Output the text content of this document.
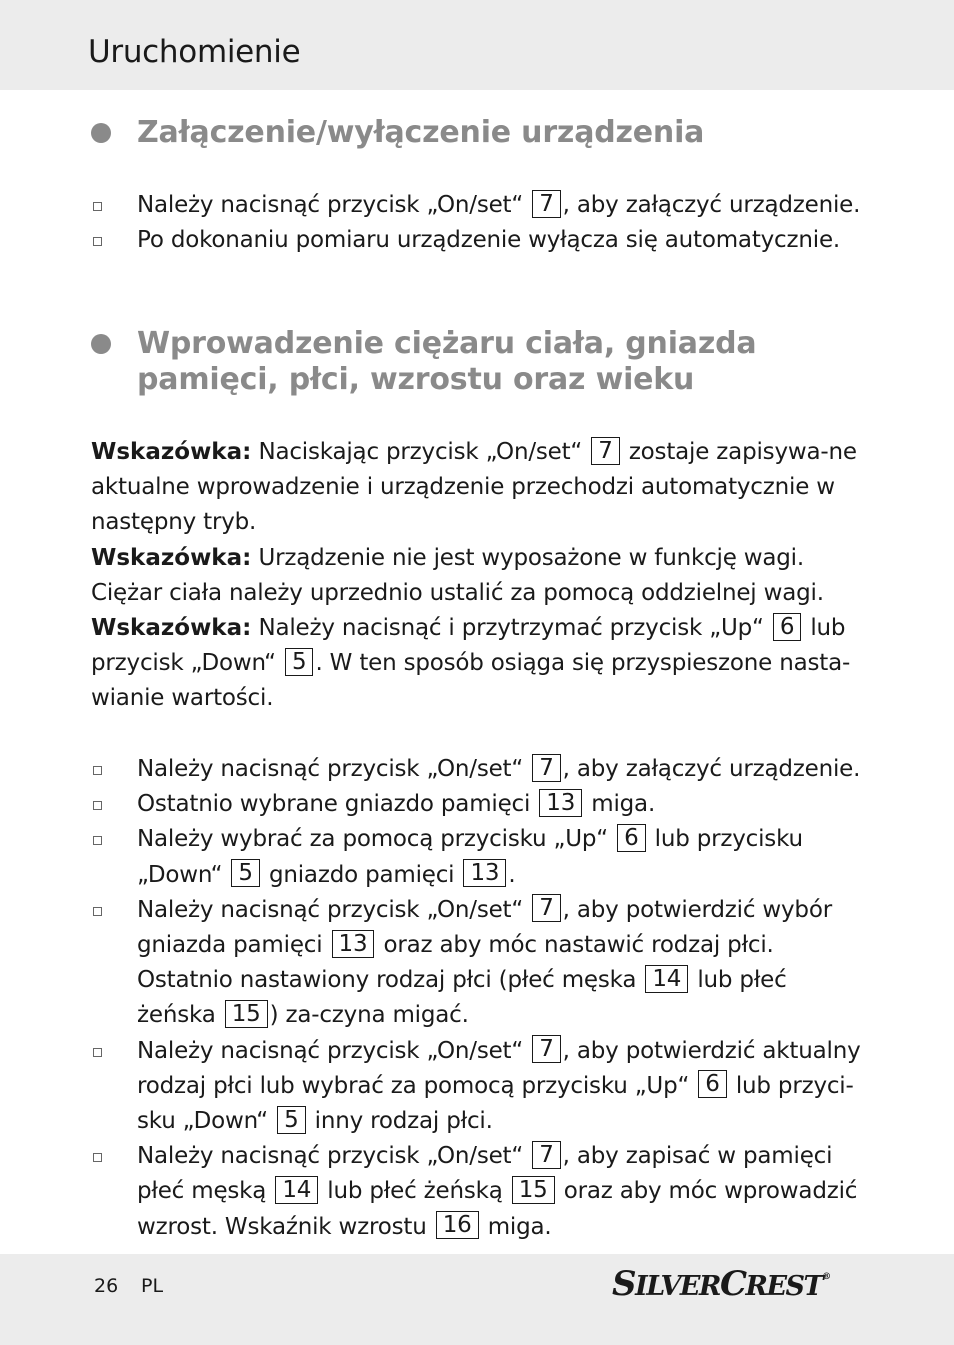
Uruchomienie
Załączenie/wyłączenie urządzenia
Należy nacisnąć przycisk „On/set“ 7 , aby załączyć urządzenie.
Po dokonaniu pomiaru urządzenie wyłącza się automatycznie.
Wprowadzenie ciężaru ciała, gniazda pamięci, płci, wzrostu oraz wieku
Wskazówka: Naciskając przycisk „On/set“ 7 zostaje zapisywa-ne aktualne wprowadzenie i urządzenie przechodzi automatycznie w następny tryb.
Wskazówka: Urządzenie nie jest wyposażone w funkcję wagi. Ciężar ciała należy uprzednio ustalić za pomocą oddzielnej wagi.
Wskazówka: Należy nacisnąć i przytrzymać przycisk „Up“ 6 lub przycisk „Down“ 5 . W ten sposób osiąga się przyspieszone nasta-wianie wartości.
Należy nacisnąć przycisk „On/set“ 7 , aby załączyć urządzenie.
Ostatnio wybrane gniazdo pamięci 13 miga.
Należy wybrać za pomocą przycisku „Up“ 6 lub przycisku „Down“ 5 gniazdo pamięci 13 .
Należy nacisnąć przycisk „On/set“ 7 , aby potwierdzić wybór gniazda pamięci 13 oraz aby móc nastawić rodzaj płci. Ostatnio nastawiony rodzaj płci (płeć męska 14 lub płeć żeńska 15 ) za-czyna migać.
Należy nacisnąć przycisk „On/set“ 7 , aby potwierdzić aktualny rodzaj płci lub wybrać za pomocą przycisku „Up“ 6 lub przyci-sku „Down“ 5 inny rodzaj płci.
Należy nacisnąć przycisk „On/set“ 7 , aby zapisać w pamięci płeć męską 14 lub płeć żeńską 15 oraz aby móc wprowadzić wzrost. Wskaźnik wzrostu 16 miga.
26 PL	SILVERCREST®
